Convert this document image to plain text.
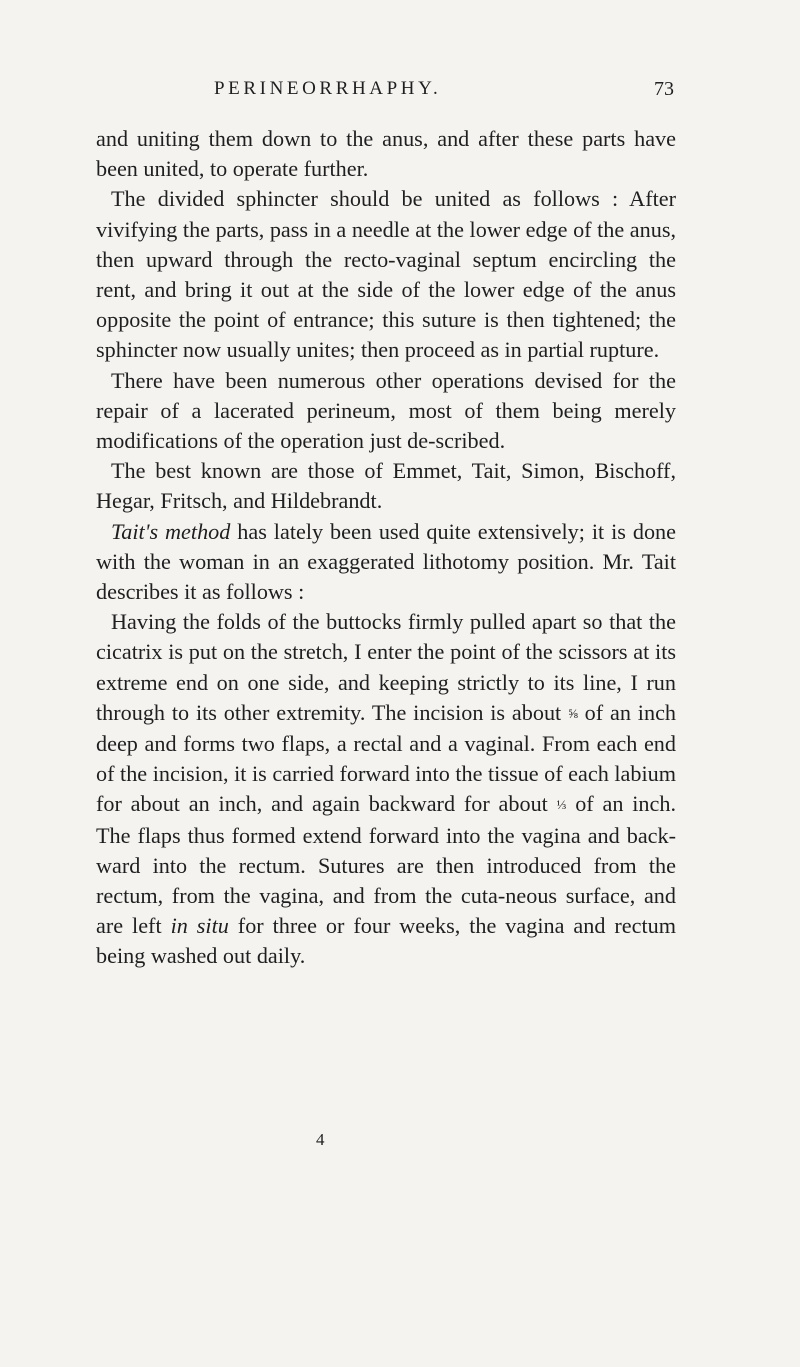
PERINEORRHAPHY.	73

and uniting them down to the anus, and after these parts have been united, to operate further.

The divided sphincter should be united as follows : After vivifying the parts, pass in a needle at the lower edge of the anus, then upward through the recto-vaginal septum encircling the rent, and bring it out at the side of the lower edge of the anus opposite the point of entrance; this suture is then tightened; the sphincter now usually unites; then proceed as in partial rupture.

There have been numerous other operations devised for the repair of a lacerated perineum, most of them being merely modifications of the operation just de-scribed.

The best known are those of Emmet, Tait, Simon, Bischoff, Hegar, Fritsch, and Hildebrandt.

Tait's method has lately been used quite extensively; it is done with the woman in an exaggerated lithotomy position. Mr. Tait describes it as follows :

Having the folds of the buttocks firmly pulled apart so that the cicatrix is put on the stretch, I enter the point of the scissors at its extreme end on one side, and keeping strictly to its line, I run through to its other extremity. The incision is about ⅝ of an inch deep and forms two flaps, a rectal and a vaginal. From each end of the incision, it is carried forward into the tissue of each labium for about an inch, and again backward for about ⅓ of an inch. The flaps thus formed extend forward into the vagina and back-ward into the rectum. Sutures are then introduced from the rectum, from the vagina, and from the cuta-neous surface, and are left in situ for three or four weeks, the vagina and rectum being washed out daily.

4
